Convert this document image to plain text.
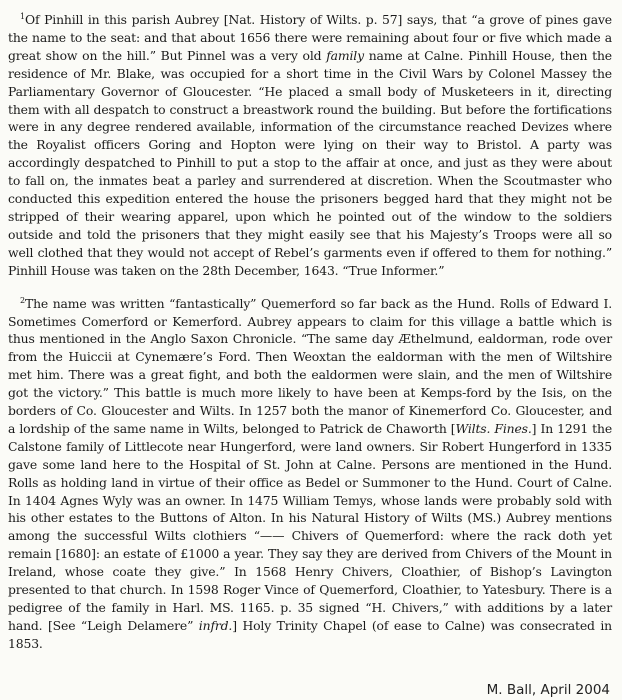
$^1$Of Pinhill in this parish Aubrey [Nat. History of Wilts. p. 57] says, that “a grove of pines gave the name to the seat: and that about 1656 there were remaining about four or five which made a great show on the hill.” But Pinnel was a very old family name at Calne. Pinhill House, then the residence of Mr. Blake, was occupied for a short time in the Civil Wars by Colonel Massey the Parliamentary Governor of Gloucester. “He placed a small body of Musketeers in it, directing them with all despatch to construct a breastwork round the building. But before the fortifications were in any degree rendered available, information of the circumstance reached Devizes where the Royalist officers Goring and Hopton were lying on their way to Bristol. A party was accordingly despatched to Pinhill to put a stop to the affair at once, and just as they were about to fall on, the inmates beat a parley and surrendered at discretion. When the Scoutmaster who conducted this expedition entered the house the prisoners begged hard that they might not be stripped of their wearing apparel, upon which he pointed out of the window to the soldiers outside and told the prisoners that they might easily see that his Majesty’s Troops were all so well clothed that they would not accept of Rebel’s garments even if offered to them for nothing.” Pinhill House was taken on the 28th December, 1643. “True Informer.”

$^2$The name was written “fantastically” Quemerford so far back as the Hund. Rolls of Edward I. Sometimes Comerford or Kemerford. Aubrey appears to claim for this village a battle which is thus mentioned in the Anglo Saxon Chronicle. “The same day Æthelmund, ealdorman, rode over from the Huiccii at Cynemære’s Ford. Then Weoxtan the ealdorman with the men of Wiltshire met him. There was a great fight, and both the ealdormen were slain, and the men of Wiltshire got the victory.” This battle is much more likely to have been at Kemps-ford by the Isis, on the borders of Co. Gloucester and Wilts. In 1257 both the manor of Kinemerford Co. Gloucester, and a lordship of the same name in Wilts, belonged to Patrick de Chaworth [Wilts. Fines.] In 1291 the Calstone family of Littlecote near Hungerford, were land owners. Sir Robert Hungerford in 1335 gave some land here to the Hospital of St. John at Calne. Persons are mentioned in the Hund. Rolls as holding land in virtue of their office as Bedel or Summoner to the Hund. Court of Calne. In 1404 Agnes Wyly was an owner. In 1475 William Temys, whose lands were probably sold with his other estates to the Buttons of Alton. In his Natural History of Wilts (MS.) Aubrey mentions among the successful Wilts clothiers “—— Chivers of Quemerford: where the rack doth yet remain [1680]: an estate of £1000 a year. They say they are derived from Chivers of the Mount in Ireland, whose coate they give.” In 1568 Henry Chivers, Cloathier, of Bishop’s Lavington presented to that church. In 1598 Roger Vince of Quemerford, Cloathier, to Yatesbury. There is a pedigree of the family in Harl. MS. 1165. p. 35 signed “H. Chivers,” with additions by a later hand. [See “Leigh Delamere” infrd.] Holy Trinity Chapel (of ease to Calne) was consecrated in 1853.

M. Ball, April 2004
